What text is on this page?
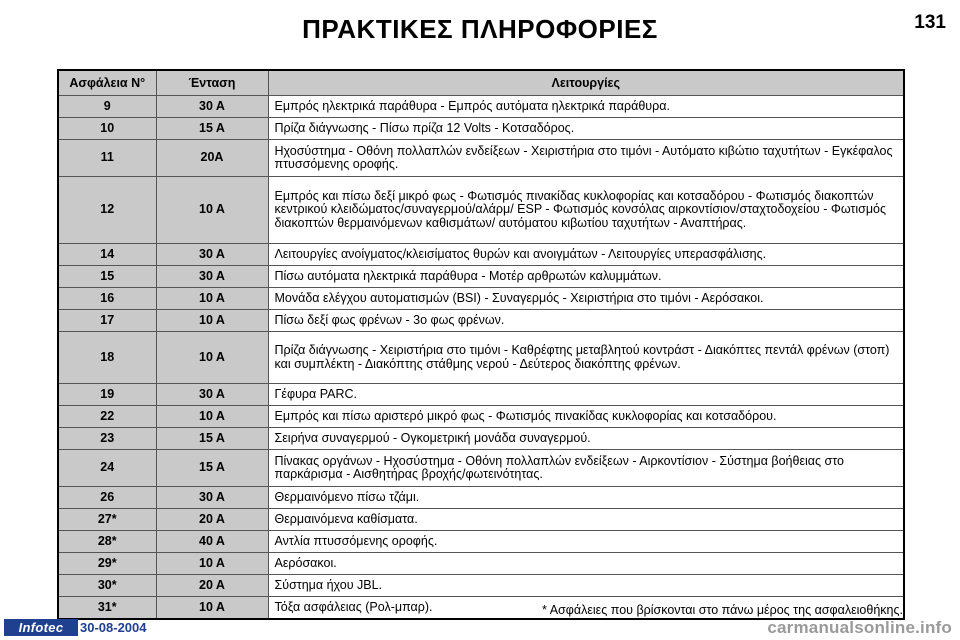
ΠΡΑΚΤΙΚΕΣ ΠΛΗΡΟΦΟΡΙΕΣ	131
Ασφάλεια N°	Ένταση	Λειτουργίες
9	30 A	Εμπρός ηλεκτρικά παράθυρα - Εμπρός αυτόματα ηλεκτρικά παράθυρα.
10	15 A	Πρίζα διάγνωσης - Πίσω πρίζα 12 Volts - Κοτσαδόρος.
11	20A	Ηχοσύστημα - Οθόνη πολλαπλών ενδείξεων - Χειριστήρια στο τιμόνι - Αυτόματο κιβώτιο ταχυτήτων - Εγκέφαλος πτυσσόμενης οροφής.
12	10 A	Εμπρός και πίσω δεξί μικρό φως - Φωτισμός πινακίδας κυκλοφορίας και κοτσαδόρου - Φωτισμός διακοπτών κεντρικού κλειδώματος/συναγερμού/αλάρμ/ ESP - Φωτισμός κονσόλας αιρκοντίσιον/σταχτοδοχείου - Φωτισμός διακοπτών θερμαινόμενων καθισμάτων/ αυτόματου κιβωτίου ταχυτήτων - Αναπτήρας.
14	30 A	Λειτουργίες ανοίγματος/κλεισίματος θυρών και ανοιγμάτων - Λειτουργίες υπερασφάλισης.
15	30 A	Πίσω αυτόματα ηλεκτρικά παράθυρα - Μοτέρ αρθρωτών καλυμμάτων.
16	10 A	Μονάδα ελέγχου αυτοματισμών (BSI) - Συναγερμός - Χειριστήρια στο τιμόνι - Αερόσακοι.
17	10 A	Πίσω δεξί φως φρένων - 3ο φως φρένων.
18	10 A	Πρίζα διάγνωσης - Χειριστήρια στο τιμόνι - Καθρέφτης μεταβλητού κοντράστ - Διακόπτες πεντάλ φρένων (στοπ) και συμπλέκτη - Διακόπτης στάθμης νερού - Δεύτερος διακόπτης φρένων.
19	30 A	Γέφυρα PARC.
22	10 A	Εμπρός και πίσω αριστερό μικρό φως - Φωτισμός πινακίδας κυκλοφορίας και κοτσαδόρου.
23	15 A	Σειρήνα συναγερμού - Ογκομετρική μονάδα συναγερμού.
24	15 A	Πίνακας οργάνων - Ηχοσύστημα - Οθόνη πολλαπλών ενδείξεων - Αιρκοντίσιον - Σύστημα βοήθειας στο παρκάρισμα - Αισθητήρας βροχής/φωτεινότητας.
26	30 A	Θερμαινόμενο πίσω τζάμι.
27*	20 A	Θερμαινόμενα καθίσματα.
28*	40 A	Αντλία πτυσσόμενης οροφής.
29*	10 A	Αερόσακοι.
30*	20 A	Σύστημα ήχου JBL.
31*	10 A	Τόξα ασφάλειας (Ρολ-μπαρ).	* Ασφάλειες που βρίσκονται στο πάνω μέρος της ασφαλειοθήκης.
Infotec	30-08-2004	carmanualsonline.info
